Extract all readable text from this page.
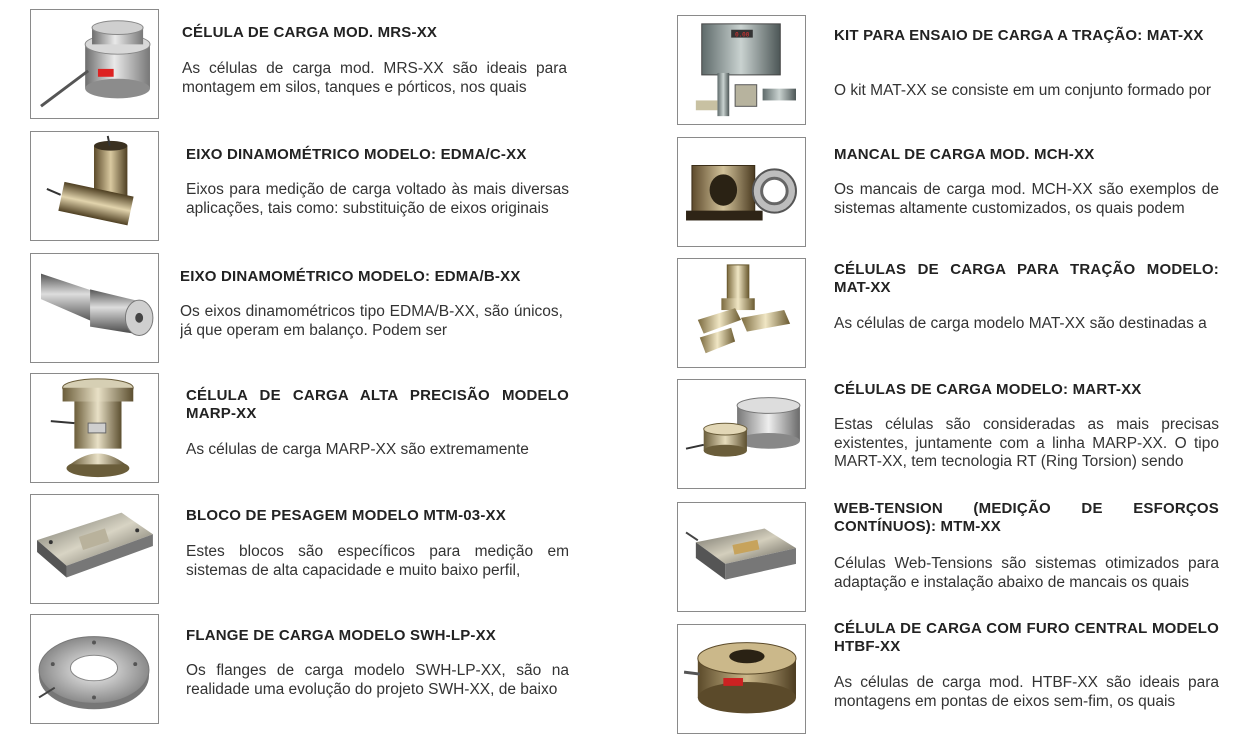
CÉLULA DE CARGA MOD. MRS-XX
As células de carga mod. MRS-XX são ideais para montagem em silos, tanques e pórticos, nos quais
EIXO DINAMOMÉTRICO MODELO: EDMA/C-XX
Eixos para medição de carga voltado às mais diversas aplicações, tais como: substituição de eixos originais
EIXO DINAMOMÉTRICO MODELO: EDMA/B-XX
Os eixos dinamométricos tipo EDMA/B-XX, são únicos, já que operam em balanço. Podem ser
CÉLULA DE CARGA ALTA PRECISÃO MODELO MARP-XX
As células de carga MARP-XX são extremamente
BLOCO DE PESAGEM MODELO MTM-03-XX
Estes blocos são específicos para medição em sistemas de alta capacidade e muito baixo perfil,
FLANGE DE CARGA MODELO SWH-LP-XX
Os flanges de carga modelo SWH-LP-XX, são na realidade uma evolução do projeto SWH-XX, de baixo
0.00	KIT PARA ENSAIO DE CARGA A TRAÇÃO: MAT-XX
O kit MAT-XX se consiste em um conjunto formado por
MANCAL DE CARGA MOD. MCH-XX
Os mancais de carga mod. MCH-XX são exemplos de sistemas altamente customizados, os quais podem
CÉLULAS DE CARGA PARA TRAÇÃO MODELO: MAT-XX
As células de carga modelo MAT-XX são destinadas a
CÉLULAS DE CARGA MODELO: MART-XX
Estas células são consideradas as mais precisas existentes, juntamente com a linha MARP-XX. O tipo MART-XX, tem tecnologia RT (Ring Torsion) sendo
WEB-TENSION (MEDIÇÃO DE ESFORÇOS CONTÍNUOS): MTM-XX
Células Web-Tensions são sistemas otimizados para adaptação e instalação abaixo de mancais os quais
CÉLULA DE CARGA COM FURO CENTRAL MODELO HTBF-XX
As células de carga mod. HTBF-XX são ideais para montagens em pontas de eixos sem-fim, os quais
